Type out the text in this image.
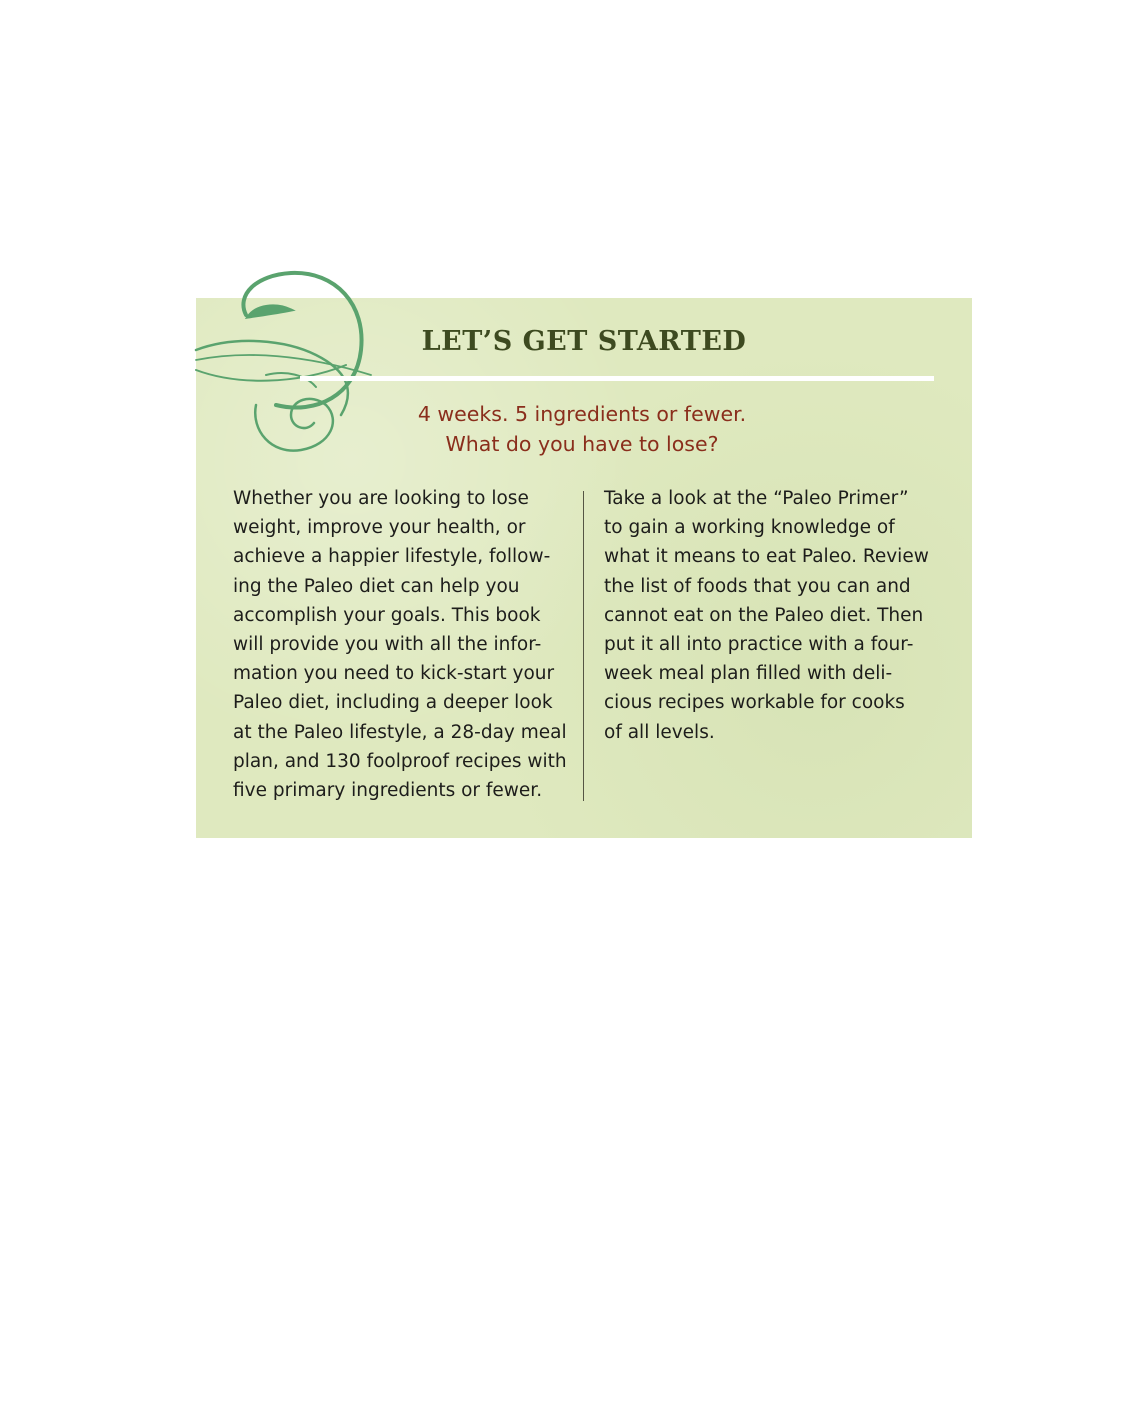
LET’S GET STARTED
4 weeks. 5 ingredients or fewer.
What do you have to lose?
Whether you are looking to lose
weight, improve your health, or
achieve a happier lifestyle, follow-
ing the Paleo diet can help you
accomplish your goals. This book
will provide you with all the infor-
mation you need to kick-start your
Paleo diet, including a deeper look
at the Paleo lifestyle, a 28-day meal
plan, and 130 foolproof recipes with
five primary ingredients or fewer.
Take a look at the “Paleo Primer”
to gain a working knowledge of
what it means to eat Paleo. Review
the list of foods that you can and
cannot eat on the Paleo diet. Then
put it all into practice with a four-
week meal plan filled with deli-
cious recipes workable for cooks
of all levels.
